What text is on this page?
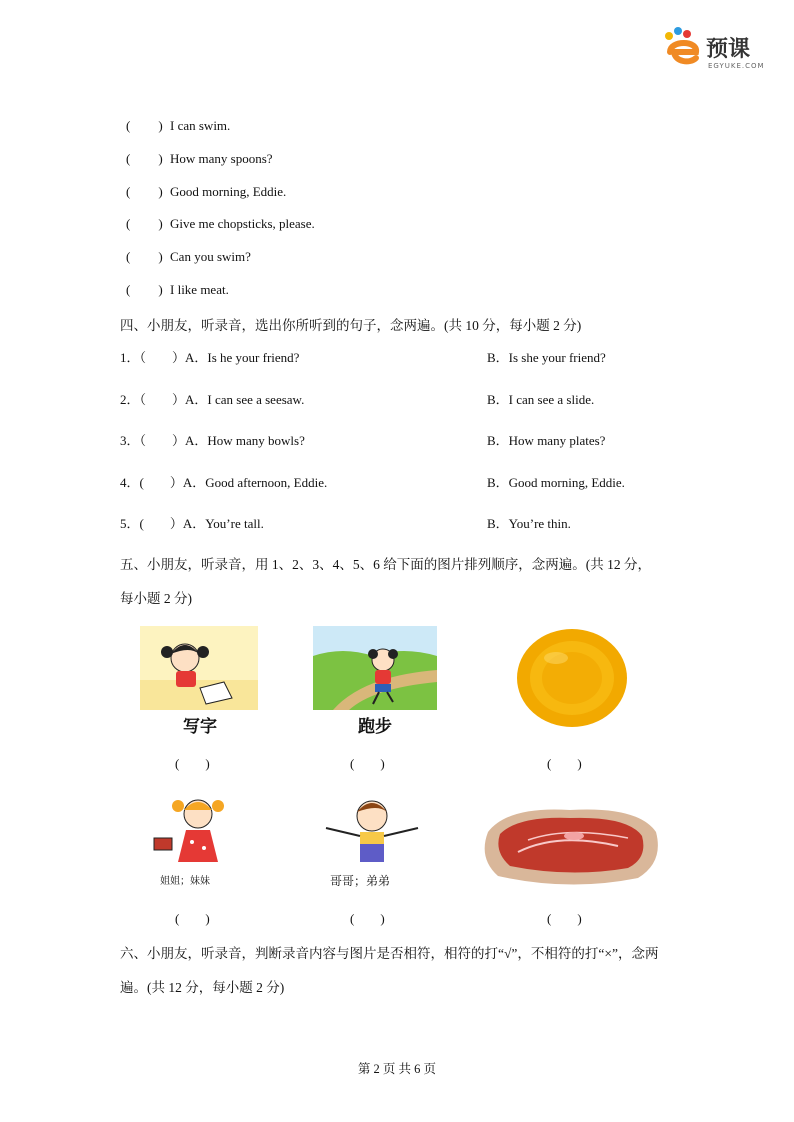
预课
EGYUKE.COM
( ) I can swim.
( ) How many spoons?
( ) Good morning, Eddie.
( ) Give me chopsticks, please.
( ) Can you swim?
( ) I like meat.
四、小朋友，听录音，选出你所听到的句子，念两遍。(共 10 分，每小题 2 分)
1．（　　）A．Is he your friend?	B．Is she your friend?
2．（　　）A．I can see a seesaw.	B．I can see a slide.
3．（　　）A．How many bowls?	B．How many plates?
4．(　　）A．Good afternoon, Eddie.	B．Good morning, Eddie.
5．(　　）A．You’re tall.	B．You’re thin.
五、小朋友，听录音，用 1、2、3、4、5、6 给下面的图片排列顺序，念两遍。(共 12 分，
每小题 2 分)
写字	跑步
(　　)	(　　)	(　　)
姐姐；妹妹	哥哥；弟弟
(　　)	(　　)	(　　)
六、小朋友，听录音，判断录音内容与图片是否相符，相符的打“√”，不相符的打“×”，念两
遍。(共 12 分，每小题 2 分)
第 2 页 共 6 页
